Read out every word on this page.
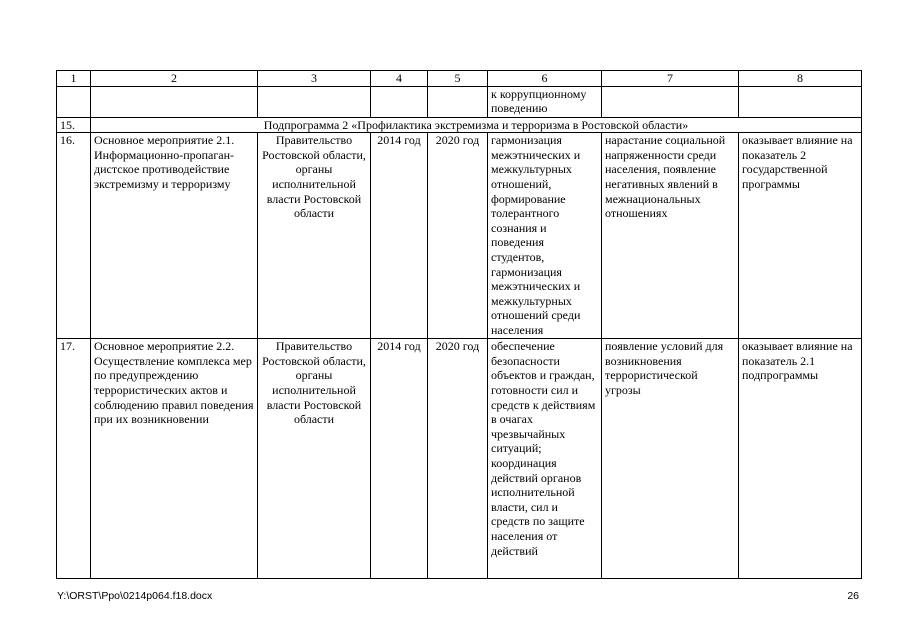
1	2	3	4	5	6	7	8
					к коррупционному поведению		
15.	Подпрограмма 2 «Профилактика экстремизма и терроризма в Ростовской области»						
16.	Основное мероприятие 2.1. Информационно-пропаган-дистское противодействие экстремизму и терроризму	Правительство Ростовской области, органы исполнительной власти Ростовской области	2014 год	2020 год	гармонизация межэтнических и межкультурных отношений, формирование толерантного сознания и поведения студентов, гармонизация межэтнических и межкультурных отношений среди населения	нарастание социальной напряженности среди населения, появление негативных явлений в межнациональных отношениях	оказывает влияние на показатель 2 государственной программы
17.	Основное мероприятие 2.2. Осуществление комплекса мер по предупреждению террористических актов и соблюдению правил поведения при их возникновении	Правительство Ростовской области, органы исполнительной власти Ростовской области	2014 год	2020 год	обеспечение безопасности объектов и граждан, готовности сил и средств к действиям в очагах чрезвычайных ситуаций; координация действий органов исполнительной власти, сил и средств по защите населения от действий	появление условий для возникновения террористической угрозы	оказывает влияние на показатель 2.1 подпрограммы
Y:\ORST\Ppo\0214p064.f18.docx	26
